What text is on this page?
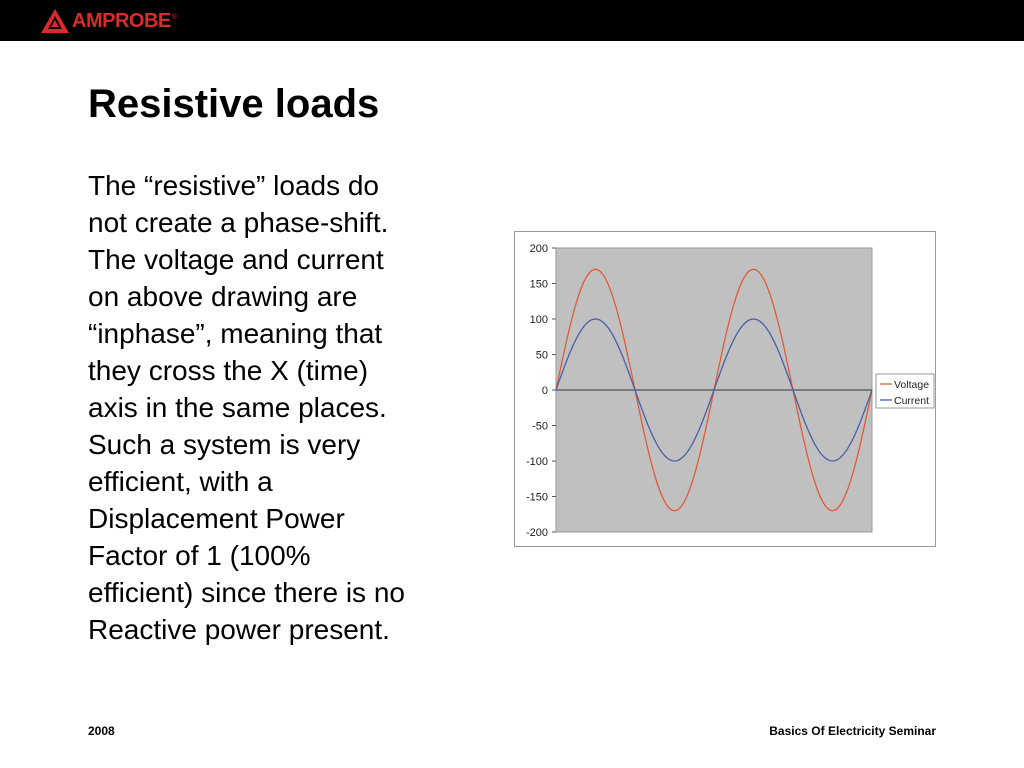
AMPROBE ®
Resistive loads
The “resistive” loads do
not create a phase-shift.
The voltage and current
on above drawing are
“inphase”, meaning that
they cross the X (time)
axis in the same places.
Such a system is very
efficient, with a
Displacement Power
Factor of 1 (100%
efficient) since there is no
Reactive power present.
200
150
100
50
0
-50
-100
-150
-200
Voltage
Current
2008	Basics Of Electricity Seminar
